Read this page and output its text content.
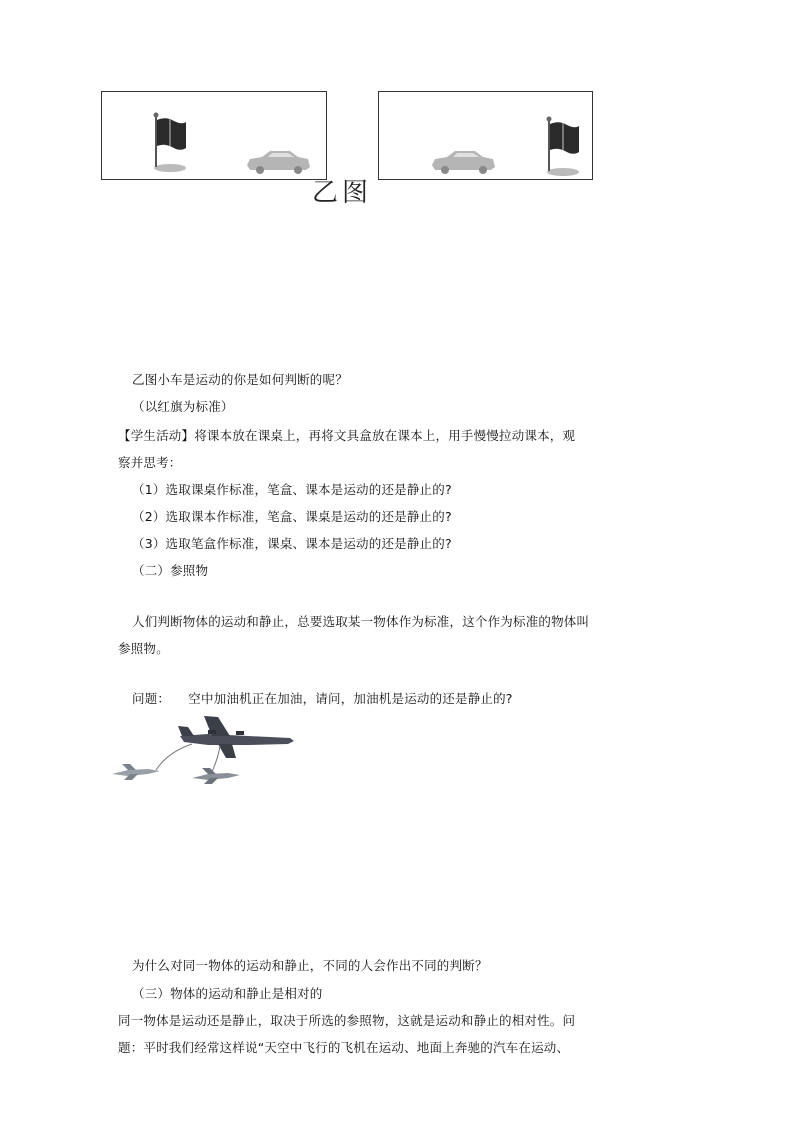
乙图
乙图小车是运动的你是如何判断的呢？
（以红旗为标准）
【学生活动】将课本放在课桌上，再将文具盒放在课本上，用手慢慢拉动课本，观
察并思考：
（1）选取课桌作标准，笔盒、课本是运动的还是静止的?
（2）选取课本作标准，笔盒、课桌是运动的还是静止的?
（3）选取笔盒作标准，课桌、课本是运动的还是静止的?
（二）参照物
人们判断物体的运动和静止，总要选取某一物体作为标准，这个作为标准的物体叫
参照物。
问题： 空中加油机正在加油，请问，加油机是运动的还是静止的?
为什么对同一物体的运动和静止，不同的人会作出不同的判断？
（三）物体的运动和静止是相对的
同一物体是运动还是静止，取决于所选的参照物，这就是运动和静止的相对性。问
题：平时我们经常这样说“天空中飞行的飞机在运动、地面上奔驰的汽车在运动、
